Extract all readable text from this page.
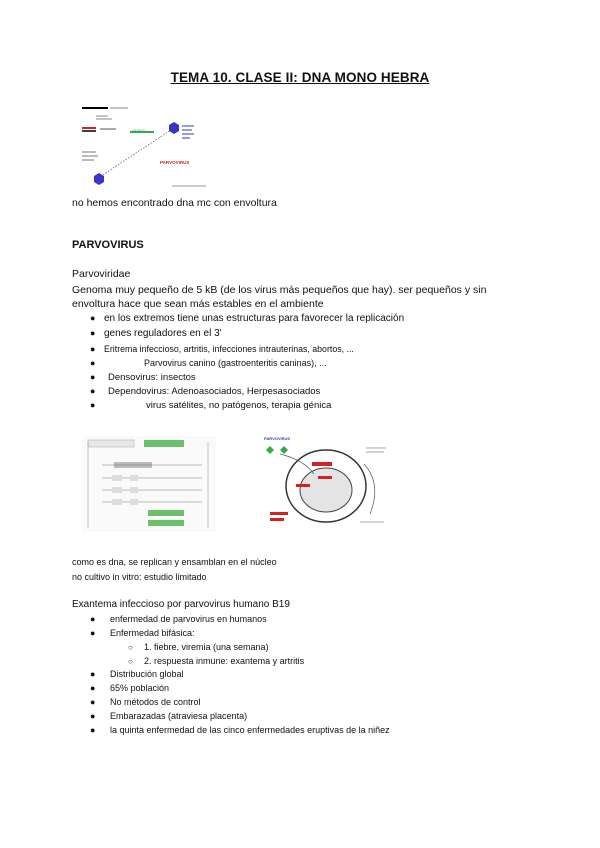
TEMA 10. CLASE II: DNA MONO HEBRA
HEPAD
PARVOVIRUS
no hemos encontrado dna mc con envoltura
PARVOVIRUS
Parvoviridae
Genoma muy pequeño de 5 kB (de los virus más pequeños que hay). ser pequeños y sin
envoltura hace que sean más estables en el ambiente
● en los extremos tiene unas estructuras para favorecer la replicación
● genes reguladores en el 3'
● Eritrema infeccioso, artritis, infecciones intrauterinas, abortos, ...
●	Parvovirus canino (gastroenteritis caninas), ...
● Densovirus: insectos
● Dependovirus: Adenoasociados, Herpesasociados
●	virus satélites, no patógenos, terapia génica
PARVOVIRUS
como es dna, se replican y ensamblan en el núcleo
no cultivo in vitro: estudio limitado
Exantema infeccioso por parvovirus humano B19
● enfermedad de parvovirus en humanos
● Enfermedad bifásica:
○ 1. fiebre, viremia (una semana)
○ 2. respuesta inmune: exantema y artritis
● Distribución global
● 65% población
● No métodos de control
● Embarazadas (atraviesa placenta)
● la quinta enfermedad de las cinco enfermedades eruptivas de la niñez
